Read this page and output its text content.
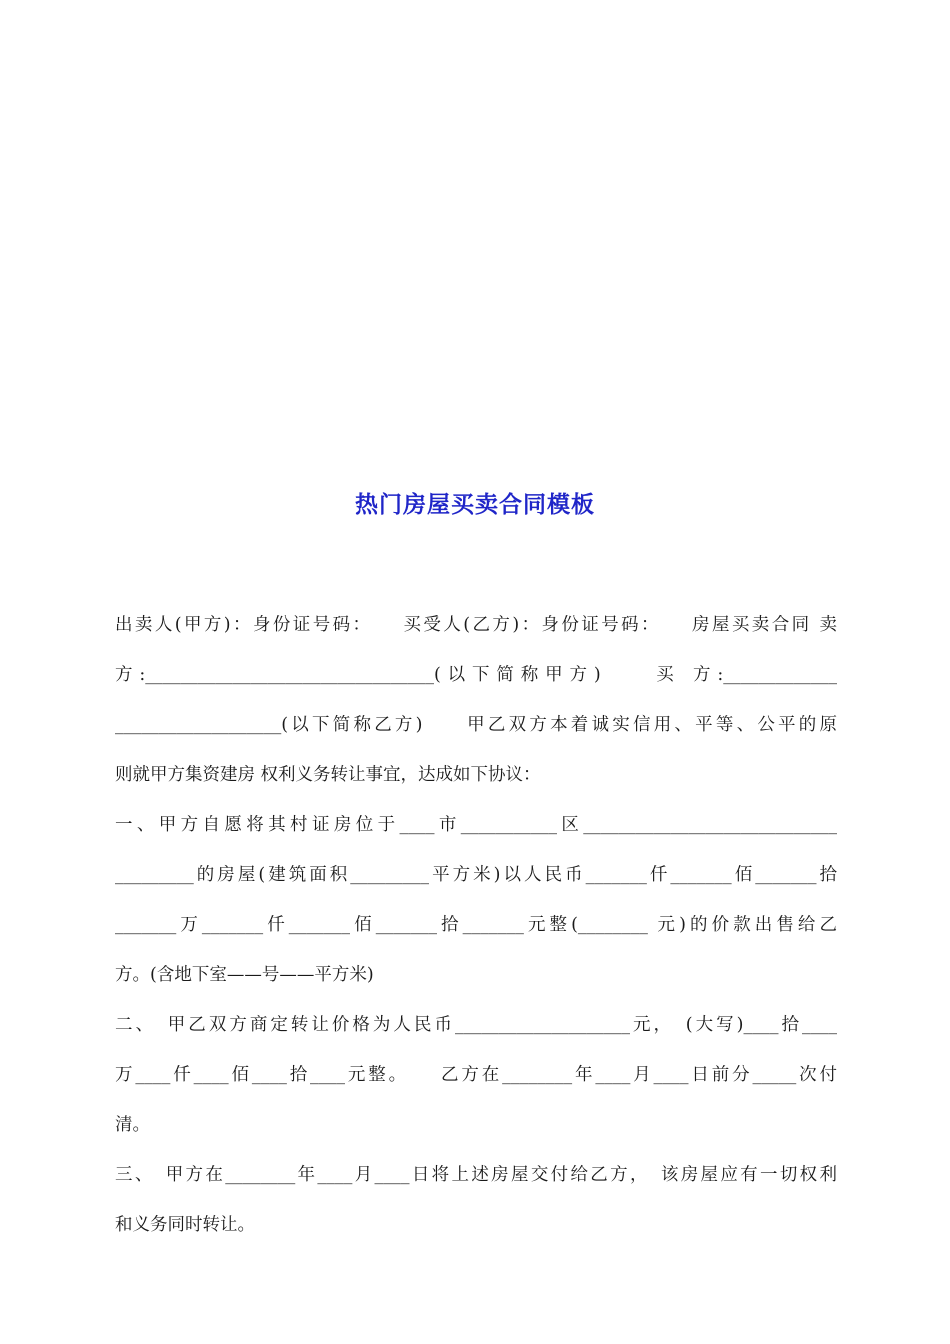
热门房屋买卖合同模板
出卖人(甲方)：身份证号码：　　买受人(乙方)：身份证号码：　　房屋买卖合同 卖
方:_________________________________(以下简称甲方)　　买 方:_____________
___________________(以下简称乙方)　　甲乙双方本着诚实信用、平等、公平的原
则就甲方集资建房 权利义务转让事宜，达成如下协议：
一、甲方自愿将其村证房位于____市___________区_____________________________
_________的房屋(建筑面积_________平方米)以人民币_______仟_______佰_______拾
_______万_______仟_______佰_______拾_______元整(________ 元)的价款出售给乙
方。(含地下室——号——平方米)
二、　甲乙双方商定转让价格为人民币____________________元，　(大写)____拾____
万____仟____佰____拾____元整。　　乙方在________年____月____日前分_____次付
清。
三、　甲方在________年____月____日将上述房屋交付给乙方，　该房屋应有一切权利
和义务同时转让。
